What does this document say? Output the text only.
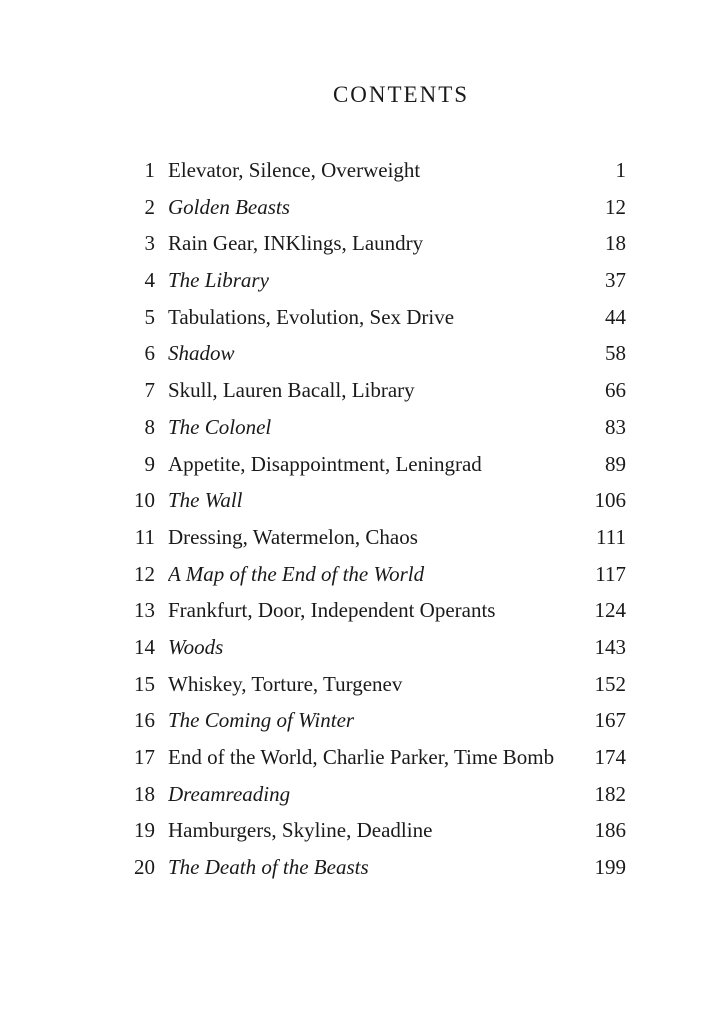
CONTENTS
1 Elevator, Silence, Overweight	1
2 Golden Beasts	12
3 Rain Gear, INKlings, Laundry	18
4 The Library	37
5 Tabulations, Evolution, Sex Drive	44
6 Shadow	58
7 Skull, Lauren Bacall, Library	66
8 The Colonel	83
9 Appetite, Disappointment, Leningrad	89
10 The Wall	106
11 Dressing, Watermelon, Chaos	111
12 A Map of the End of the World	117
13 Frankfurt, Door, Independent Operants	124
14 Woods	143
15 Whiskey, Torture, Turgenev	152
16 The Coming of Winter	167
17 End of the World, Charlie Parker, Time Bomb	174
18 Dreamreading	182
19 Hamburgers, Skyline, Deadline	186
20 The Death of the Beasts	199
